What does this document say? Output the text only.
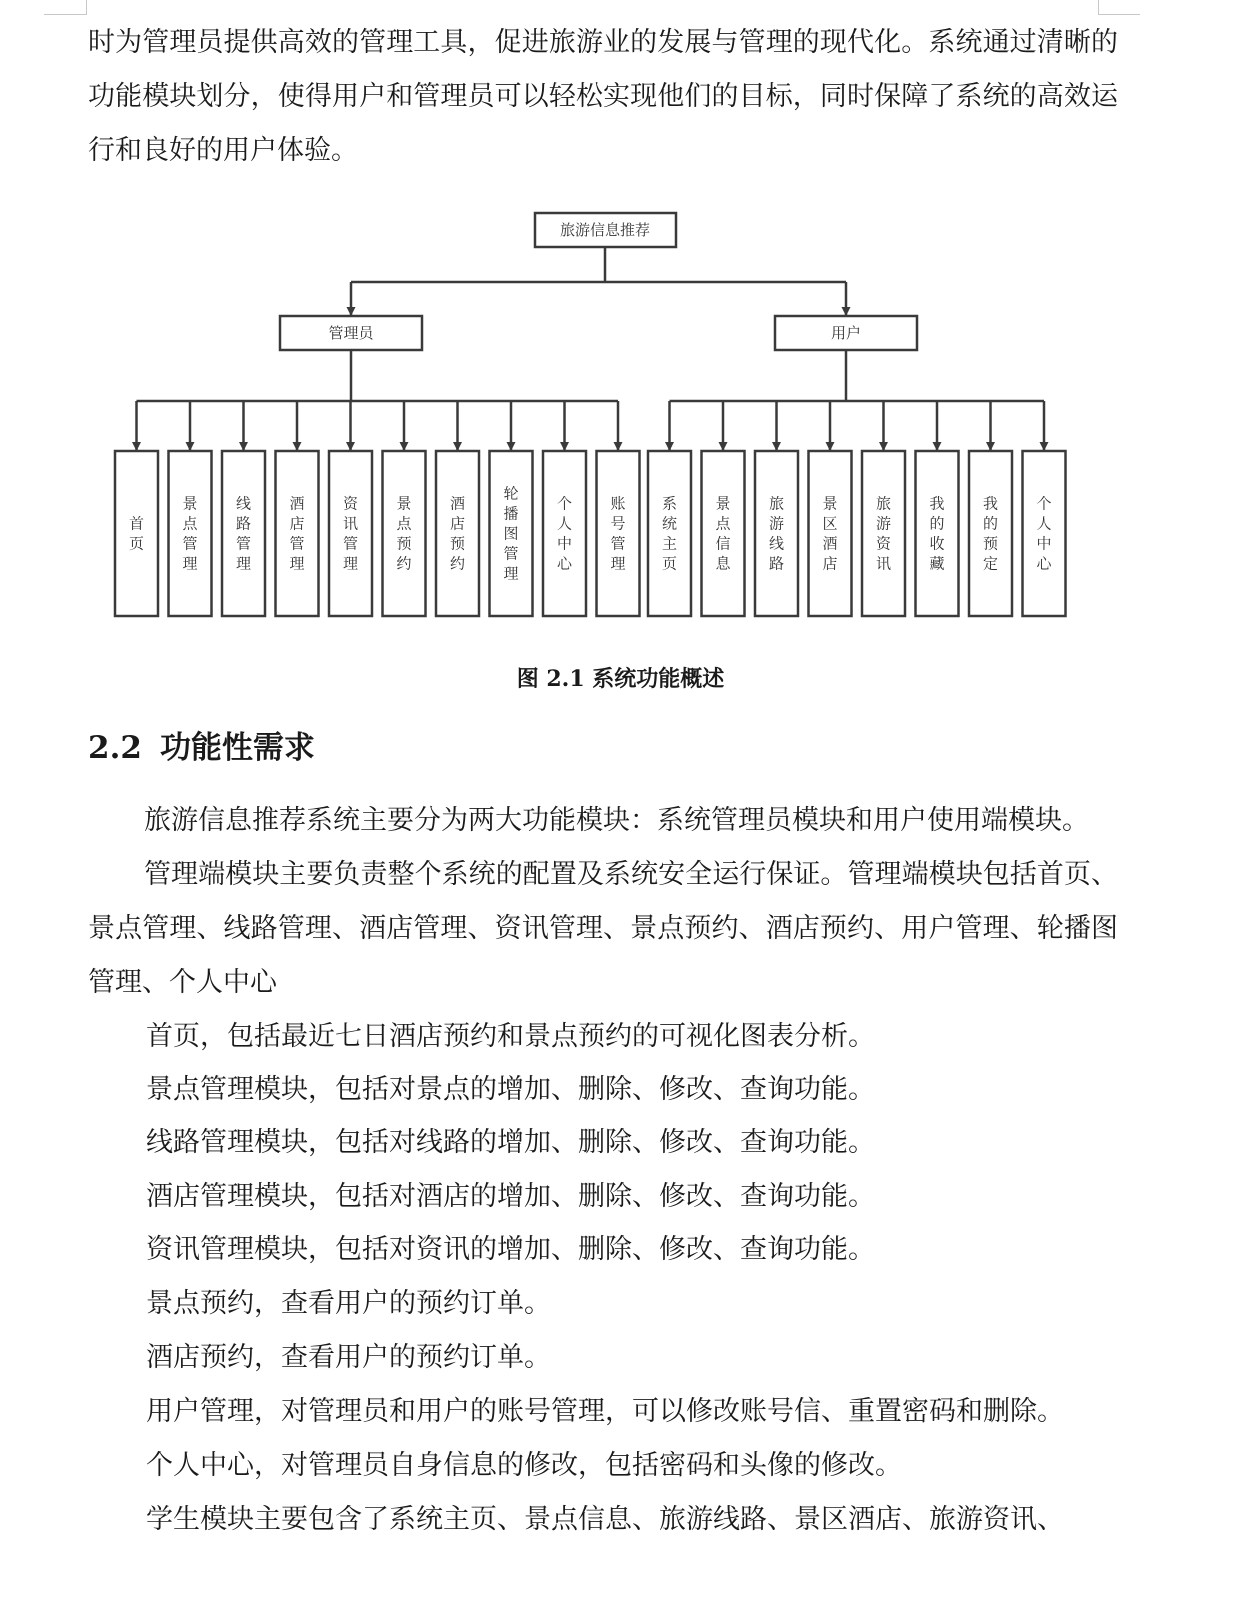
时为管理员提供高效的管理工具，促进旅游业的发展与管理的现代化。系统通过清晰的功能模块划分，使得用户和管理员可以轻松实现他们的目标，同时保障了系统的高效运行和良好的用户体验。

旅游信息推荐
管理员
首
页
景
点
管
理
线
路
管
理
酒
店
管
理
资
讯
管
理
景
点
预
约
酒
店
预
约
轮
播
图
管
理
个
人
中
心
账
号
管
理
用户
系
统
主
页
景
点
信
息
旅
游
线
路
景
区
酒
店
旅
游
资
讯
我
的
收
藏
我
的
预
定
个
人
中
心
图 2.1 系统功能概述
2.2 功能性需求

旅游信息推荐系统主要分为两大功能模块：系统管理员模块和用户使用端模块。

管理端模块主要负责整个系统的配置及系统安全运行保证。管理端模块包括首页、景点管理、线路管理、酒店管理、资讯管理、景点预约、酒店预约、用户管理、轮播图管理、个人中心

首页，包括最近七日酒店预约和景点预约的可视化图表分析。

景点管理模块，包括对景点的增加、删除、修改、查询功能。

线路管理模块，包括对线路的增加、删除、修改、查询功能。

酒店管理模块，包括对酒店的增加、删除、修改、查询功能。

资讯管理模块，包括对资讯的增加、删除、修改、查询功能。

景点预约，查看用户的预约订单。

酒店预约，查看用户的预约订单。

用户管理，对管理员和用户的账号管理，可以修改账号信、重置密码和删除。

个人中心，对管理员自身信息的修改，包括密码和头像的修改。

学生模块主要包含了系统主页、景点信息、旅游线路、景区酒店、旅游资讯、
